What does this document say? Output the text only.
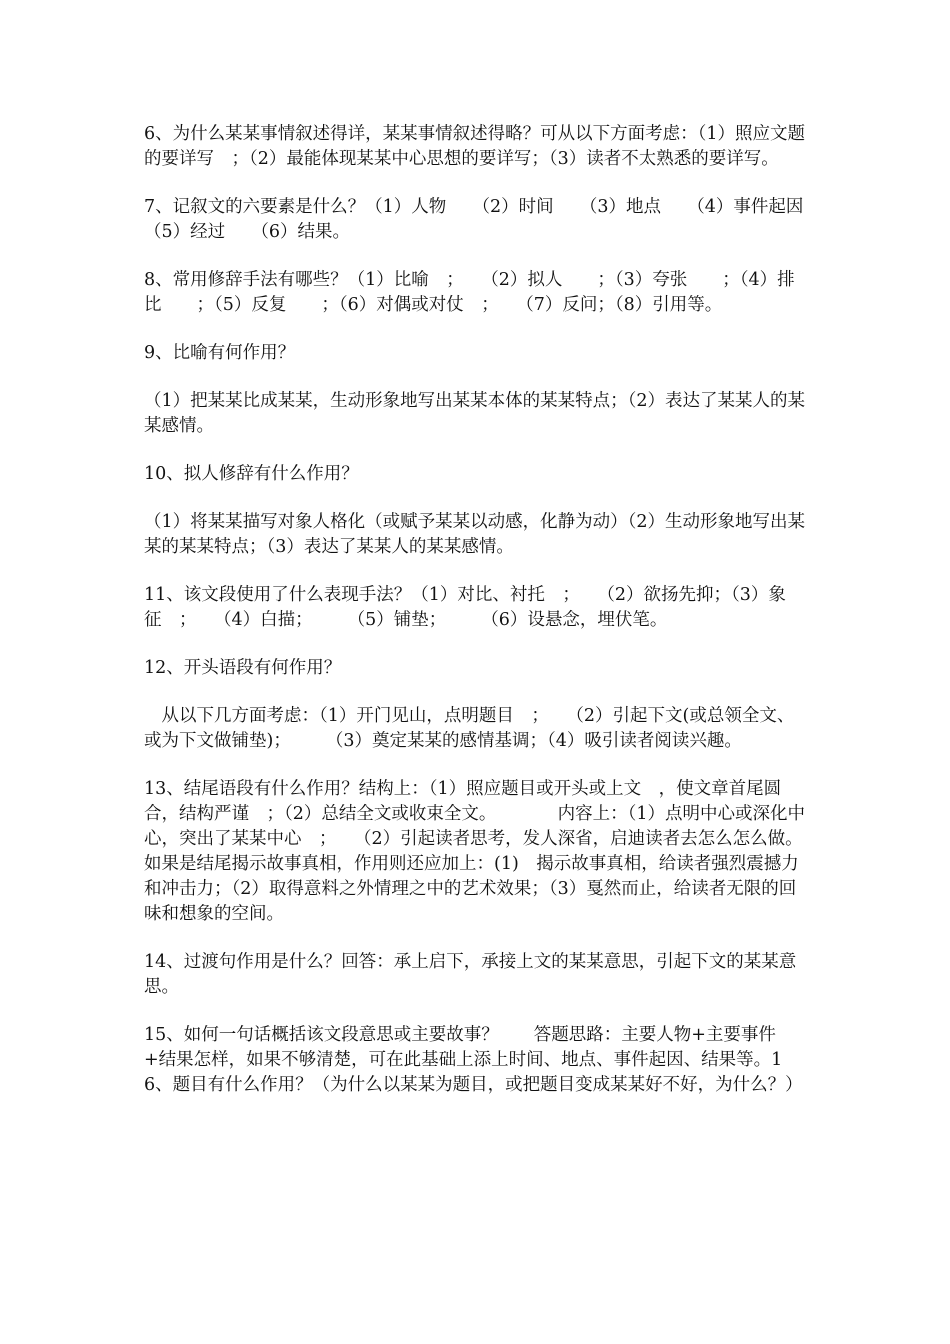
6、为什么某某事情叙述得详，某某事情叙述得略？可从以下方面考虑：（1）照应文题的要详写　；（2）最能体现某某中心思想的要详写；（3）读者不太熟悉的要详写。

7、记叙文的六要素是什么？（1）人物　　（2）时间　　（3）地点　　（4）事件起因　　（5）经过　　（6）结果。

8、常用修辞手法有哪些？（1）比喻　；　　（2）拟人　　；（3）夸张　　；（4）排比　　；（5）反复　　；（6）对偶或对仗　；　　（7）反问；（8）引用等。

9、比喻有何作用？

（1）把某某比成某某，生动形象地写出某某本体的某某特点；（2）表达了某某人的某某感情。

10、拟人修辞有什么作用？

（1）将某某描写对象人格化（或赋予某某以动感，化静为动）（2）生动形象地写出某某的某某特点；（3）表达了某某人的某某感情。

11、该文段使用了什么表现手法？（1）对比、衬托　；　　（2）欲扬先抑；（3）象征　；　　（4）白描；　　　（5）铺垫；　　　（6）设悬念，埋伏笔。

12、开头语段有何作用？

　从以下几方面考虑：（1）开门见山，点明题目　；　　（2）引起下文(或总领全文、或为下文做铺垫)；　　　（3）奠定某某的感情基调；（4）吸引读者阅读兴趣。

13、结尾语段有什么作用？结构上：（1）照应题目或开头或上文　，使文章首尾圆合，结构严谨　；（2）总结全文或收束全文。　　　　内容上：（1）点明中心或深化中心，突出了某某中心　；　　（2）引起读者思考，发人深省，启迪读者去怎么怎么做。　如果是结尾揭示故事真相，作用则还应加上：(1)　揭示故事真相，给读者强烈震撼力和冲击力；（2）取得意料之外情理之中的艺术效果；（3）戛然而止，给读者无限的回味和想象的空间。

14、过渡句作用是什么？回答：承上启下，承接上文的某某意思，引起下文的某某意思。

15、如何一句话概括该文段意思或主要故事？　　答题思路：主要人物+主要事件　+结果怎样，如果不够清楚，可在此基础上添上时间、地点、事件起因、结果等。16、题目有什么作用？（为什么以某某为题目，或把题目变成某某好不好，为什么？）
